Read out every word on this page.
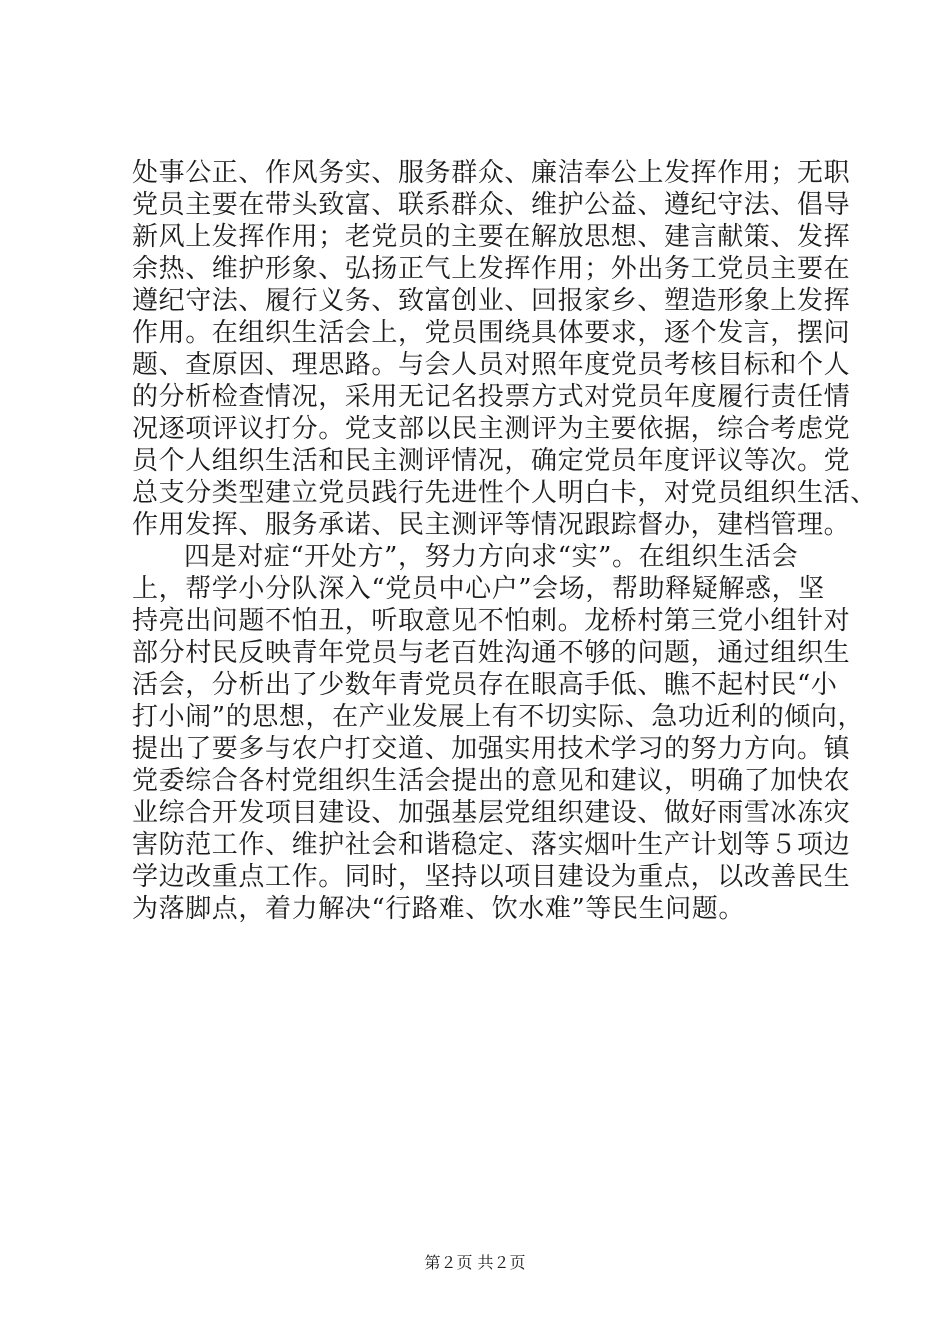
处事公正、作风务实、服务群众、廉洁奉公上发挥作用；无职
党员主要在带头致富、联系群众、维护公益、遵纪守法、倡导
新风上发挥作用；老党员的主要在解放思想、建言献策、发挥
余热、维护形象、弘扬正气上发挥作用；外出务工党员主要在
遵纪守法、履行义务、致富创业、回报家乡、塑造形象上发挥
作用。在组织生活会上，党员围绕具体要求，逐个发言，摆问
题、查原因、理思路。与会人员对照年度党员考核目标和个人
的分析检查情况，采用无记名投票方式对党员年度履行责任情
况逐项评议打分。党支部以民主测评为主要依据，综合考虑党
员个人组织生活和民主测评情况，确定党员年度评议等次。党
总支分类型建立党员践行先进性个人明白卡，对党员组织生活、
作用发挥、服务承诺、民主测评等情况跟踪督办，建档管理。
四是对症“开处方”，努力方向求“实”。在组织生活会
上，帮学小分队深入“党员中心户”会场，帮助释疑解惑，坚
持亮出问题不怕丑，听取意见不怕刺。龙桥村第三党小组针对
部分村民反映青年党员与老百姓沟通不够的问题，通过组织生
活会，分析出了少数年青党员存在眼高手低、瞧不起村民“小
打小闹”的思想，在产业发展上有不切实际、急功近利的倾向，
提出了要多与农户打交道、加强实用技术学习的努力方向。镇
党委综合各村党组织生活会提出的意见和建议，明确了加快农
业综合开发项目建设、加强基层党组织建设、做好雨雪冰冻灾
害防范工作、维护社会和谐稳定、落实烟叶生产计划等５项边
学边改重点工作。同时，坚持以项目建设为重点，以改善民生
为落脚点，着力解决“行路难、饮水难”等民生问题。
第２页 共２页
